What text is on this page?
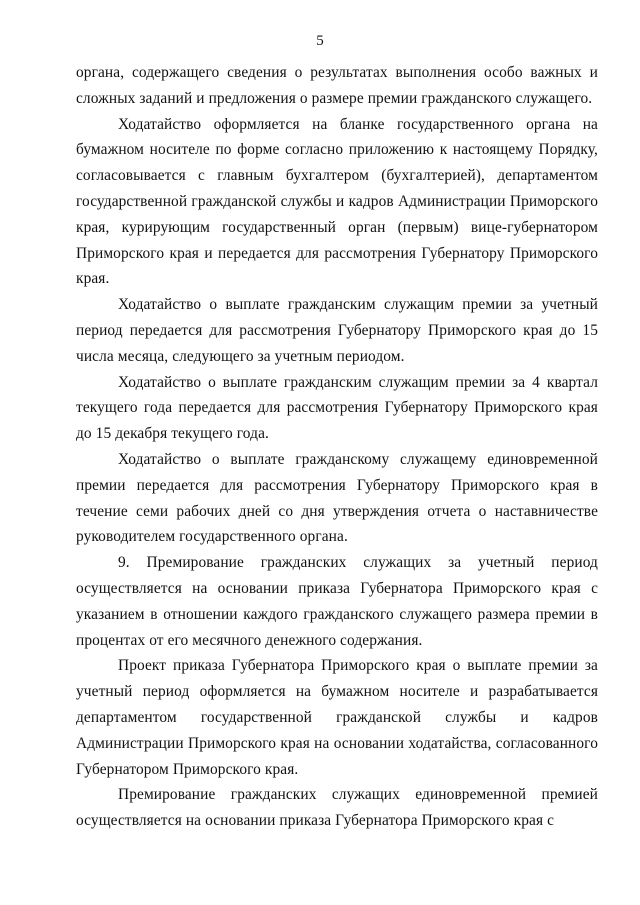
5

органа, содержащего сведения о результатах выполнения особо важных и сложных заданий и предложения о размере премии гражданского служащего.

Ходатайство оформляется на бланке государственного органа на бумажном носителе по форме согласно приложению к настоящему Порядку, согласовывается с главным бухгалтером (бухгалтерией), департаментом государственной гражданской службы и кадров Администрации Приморского края, курирующим государственный орган (первым) вице-губернатором Приморского края и передается для рассмотрения Губернатору Приморского края.

Ходатайство о выплате гражданским служащим премии за учетный период передается для рассмотрения Губернатору Приморского края до 15 числа месяца, следующего за учетным периодом.

Ходатайство о выплате гражданским служащим премии за 4 квартал текущего года передается для рассмотрения Губернатору Приморского края до 15 декабря текущего года.

Ходатайство о выплате гражданскому служащему единовременной премии передается для рассмотрения Губернатору Приморского края в течение семи рабочих дней со дня утверждения отчета о наставничестве руководителем государственного органа.

9. Премирование гражданских служащих за учетный период осуществляется на основании приказа Губернатора Приморского края с указанием в отношении каждого гражданского служащего размера премии в процентах от его месячного денежного содержания.

Проект приказа Губернатора Приморского края о выплате премии за учетный период оформляется на бумажном носителе и разрабатывается департаментом государственной гражданской службы и кадров Администрации Приморского края на основании ходатайства, согласованного Губернатором Приморского края.

Премирование гражданских служащих единовременной премией осуществляется на основании приказа Губернатора Приморского края с
